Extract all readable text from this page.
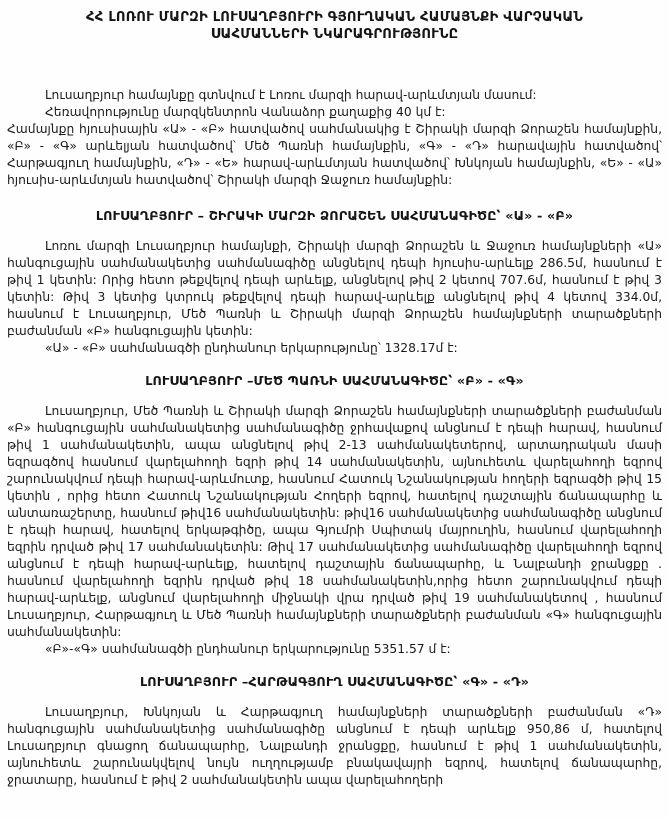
ՀՀ ԼՈՌՈՒ ՄԱՐԶԻ ԼՈՒՍԱՂԲՅՈՒՐԻ ԳՅՈՒՂԱԿԱՆ ՀԱՄԱՅՆՔԻ ՎԱՐՉԱԿԱՆ
ՍԱՀՄԱՆՆԵՐԻ ՆԿԱՐԱԳՐՈՒԹՅՈՒՆԸ

Լուսաղբյուր համայնքը գտնվում է Լոռու մարզի հարավ-արևմտյան մասում:

Հեռավորությունը մարզկենտրոն Վանաձոր քաղաքից 40 կմ է:

Համայնքը հյուսիսային «Ա» - «Բ» հատվածով սահմանակից է Շիրակի մարզի Ձորաշեն համայնքին, «Բ» - «Գ» արևելյան հատվածով՝ Մեծ Պառնի համայնքին, «Գ» - «Դ» հարավային հատվածով՝ Հարթագյուղ համայնքին, «Դ» - «Ե» հարավ-արևմտյան հատվածով՝ Խնկոյան համայնքին, «Ե» - «Ա» հյուսիս-արևմտյան հատվածով՝ Շիրակի մարզի Ջաջուռ համայնքին:

ԼՈՒՍԱՂԲՅՈՒՐ – ՇԻՐԱԿԻ ՄԱՐԶԻ ՁՈՐԱՇԵՆ ՍԱՀՄԱՆԱԳԻԾԸ՝ «Ա» - «Բ»

Լոռու մարզի Լուսաղբյուր համայնքի, Շիրակի մարզի Ձորաշեն և Ջաջուռ համայնքների «Ա» հանգուցային սահմանակետից սահմանագիծը անցնելով դեպի հյուսիս-արևելք 286.5մ, հասնում է թիվ 1 կետին: Որից հետո թեքվելով դեպի արևելք, անցնելով թիվ 2 կետով 707.6մ, հասնում է թիվ 3 կետին: Թիվ 3 կետից կտրուկ թեքվելով դեպի հարավ-արևելք անցնելով թիվ 4 կետով 334.0մ, հասնում է Լուսաղբյուր, Մեծ Պառնի և Շիրակի մարզի Ձորաշեն համայնքների տարածքների բաժանման «Բ» հանգուցային կետին:

«Ա» - «Բ» սահմանագծի ընդհանուր երկարությունը՝ 1328.17մ է:

ԼՈՒՍԱՂԲՅՈՒՐ –ՄԵԾ ՊԱՌՆԻ ՍԱՀՄԱՆԱԳԻԾԸ՝ «Բ» - «Գ»

Լուսաղբյուր, Մեծ Պառնի և Շիրակի մարզի Ձորաշեն համայնքների տարածքների բաժանման «Բ» հանգուցային սահմանակետից սահմանագիծը ջրհավաքով անցնում է դեպի հարավ, հասնում թիվ 1 սահմանակետին, ապա անցնելով թիվ 2-13 սահմանակետերով, արտադրական մասի եզրագծով հասնում վարելահողի եզրի թիվ 14 սահմանակետին, այնուհետև վարելահողի եզրով շարունակվում դեպի հարավ-արևմուտք, հասնում Հատուկ Նշանակության հողերի եզրագծի թիվ 15 կետին , որից հետո Հատուկ Նշանակության Հողերի եզրով, հատելով դաշտային ճանապարհը և անտառաշերտը, հասնում թիվ16 սահմանակետին: թիվ16 սահմանակետից սահմանագիծը անցնում է դեպի հարավ, հատելով երկաթգիծը, ապա Գյումրի Սպիտակ մայրուղին, հասնում վարելահողի եզրին դրված թիվ 17 սահմանակետին: Թիվ 17 սահմանակետից սահմանագիծը վարելահողի եզրով անցնում է դեպի հարավ-արևելք, հատելով դաշտային ճանապարհը, և Նալբանդի ջրանցքը . հասնում վարելահողի եզրին դրված թիվ 18 սահմանակետին,որից հետո շարունակվում դեպի հարավ-արևելք, անցնում վարելահողի միջնակի վրա դրված թիվ 19 սահմանակետով , հասնում Լուսաղբյուր, Հարթագյուղ և Մեծ Պառնի համայնքների տարածքների բաժանման «Գ» հանգուցային սահմանակետին:

«Բ»-«Գ» սահմանագծի ընդհանուր երկարությունը 5351.57 մ է:

ԼՈՒՍԱՂԲՅՈՒՐ –ՀԱՐԹԱԳՅՈՒՂ ՍԱՀՄԱՆԱԳԻԾԸ՝ «Գ» - «Դ»

Լուսաղբյուր, Խնկոյան և Հարթագյուղ համայնքների տարածքների բաժանման «Դ» հանգուցային սահմանակետից սահմանագիծը անցնում է դեպի արևելք 950,86 մ, հատելով Լուսաղբյուր գնացող ճանապարհը, Նալբանդի ջրանցքը, հասնում է թիվ 1 սահմանակետին, այնուհետև շարունակվելով նույն ուղղությամբ բնակավայրի եզրով, հատելով ճանապարհը, ջրատարը, հասնում է թիվ 2 սահմանակետին ապա վարելահողերի
